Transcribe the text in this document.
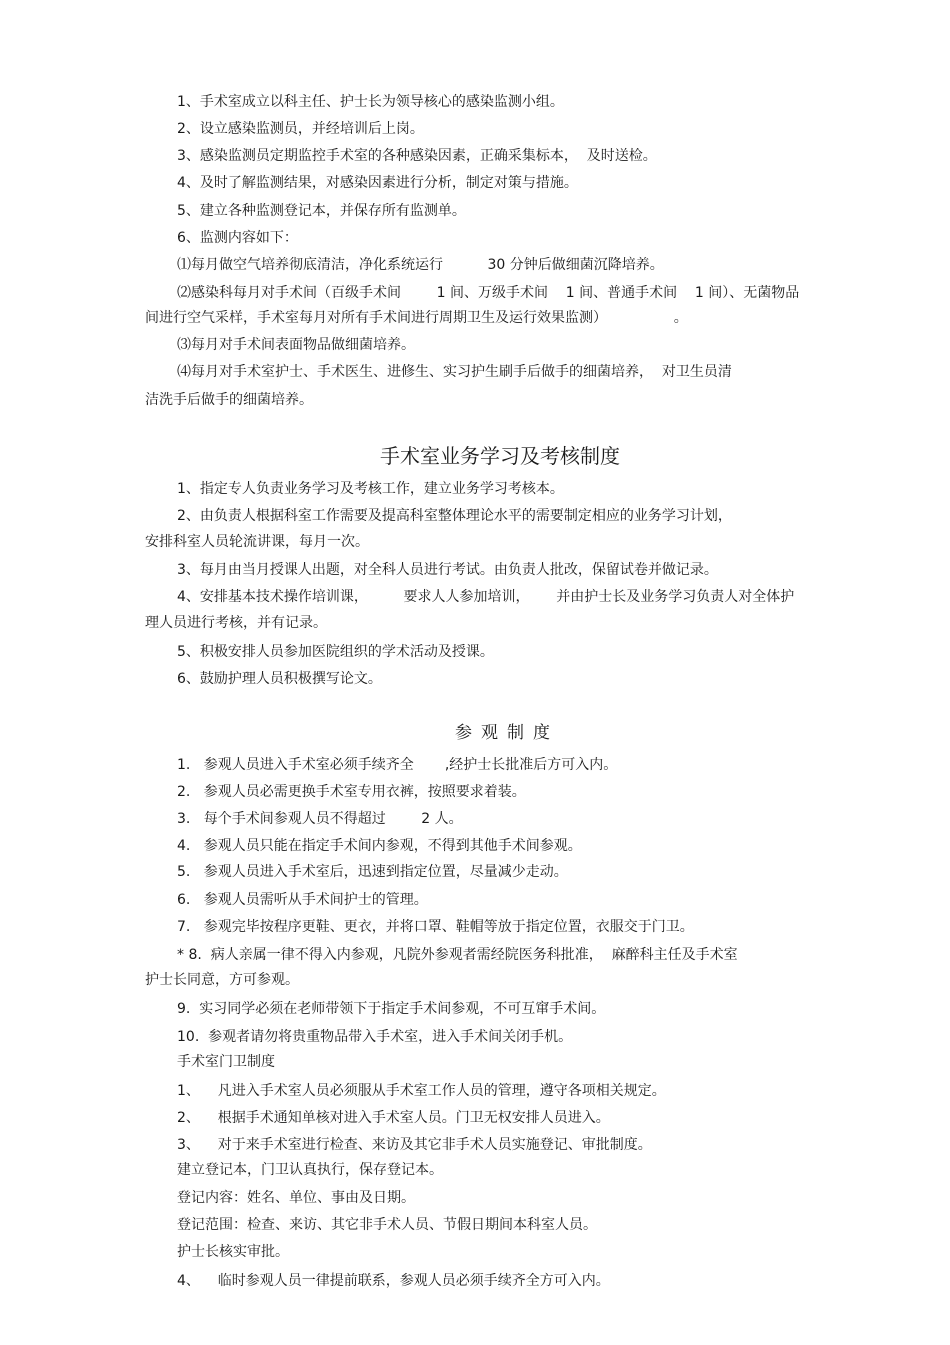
1、手术室成立以科主任、护士长为领导核心的感染监测小组。
2、设立感染监测员，并经培训后上岗。
3、感染监测员定期监控手术室的各种感染因素，正确采集标本，  及时送检。
4、及时了解监测结果，对感染因素进行分析，制定对策与措施。
5、建立各种监测登记本，并保存所有监测单。
6、监测内容如下：
⑴每月做空气培养彻底清洁，净化系统运行          30 分钟后做细菌沉降培养。
⑵感染科每月对手术间（百级手术间        1 间、万级手术间    1 间、普通手术间    1 间）、无菌物品
间进行空气采样，手术室每月对所有手术间进行周期卫生及运行效果监测）               。
⑶每月对手术间表面物品做细菌培养。
⑷每月对手术室护士、手术医生、进修生、实习护生刷手后做手的细菌培养，  对卫生员清
洁洗手后做手的细菌培养。
手术室业务学习及考核制度
1、指定专人负责业务学习及考核工作，建立业务学习考核本。
2、由负责人根据科室工作需要及提高科室整体理论水平的需要制定相应的业务学习计划，
安排科室人员轮流讲课，每月一次。
3、每月由当月授课人出题，对全科人员进行考试。由负责人批改，保留试卷并做记录。
4、安排基本技术操作培训课，        要求人人参加培训，      并由护士长及业务学习负责人对全体护
理人员进行考核，并有记录。
5、积极安排人员参加医院组织的学术活动及授课。
6、鼓励护理人员积极撰写论文。
参观制度
1.   参观人员进入手术室必须手续齐全       ,经护士长批准后方可入内。
2.   参观人员必需更换手术室专用衣裤，按照要求着装。
3.   每个手术间参观人员不得超过        2 人。
4.   参观人员只能在指定手术间内参观，不得到其他手术间参观。
5.   参观人员进入手术室后，迅速到指定位置，尽量减少走动。
6.   参观人员需听从手术间护士的管理。
7.   参观完毕按程序更鞋、更衣，并将口罩、鞋帽等放于指定位置，衣服交于门卫。
* 8.  病人亲属一律不得入内参观，凡院外参观者需经院医务科批准，  麻醉科主任及手术室
护士长同意，方可参观。
9.  实习同学必须在老师带领下于指定手术间参观，不可互窜手术间。
10.  参观者请勿将贵重物品带入手术室，进入手术间关闭手机。
手术室门卫制度
1、    凡进入手术室人员必须服从手术室工作人员的管理，遵守各项相关规定。
2、    根据手术通知单核对进入手术室人员。门卫无权安排人员进入。
3、    对于来手术室进行检查、来访及其它非手术人员实施登记、审批制度。
建立登记本，门卫认真执行，保存登记本。
登记内容：姓名、单位、事由及日期。
登记范围：检查、来访、其它非手术人员、节假日期间本科室人员。
护士长核实审批。
4、    临时参观人员一律提前联系，参观人员必须手续齐全方可入内。
